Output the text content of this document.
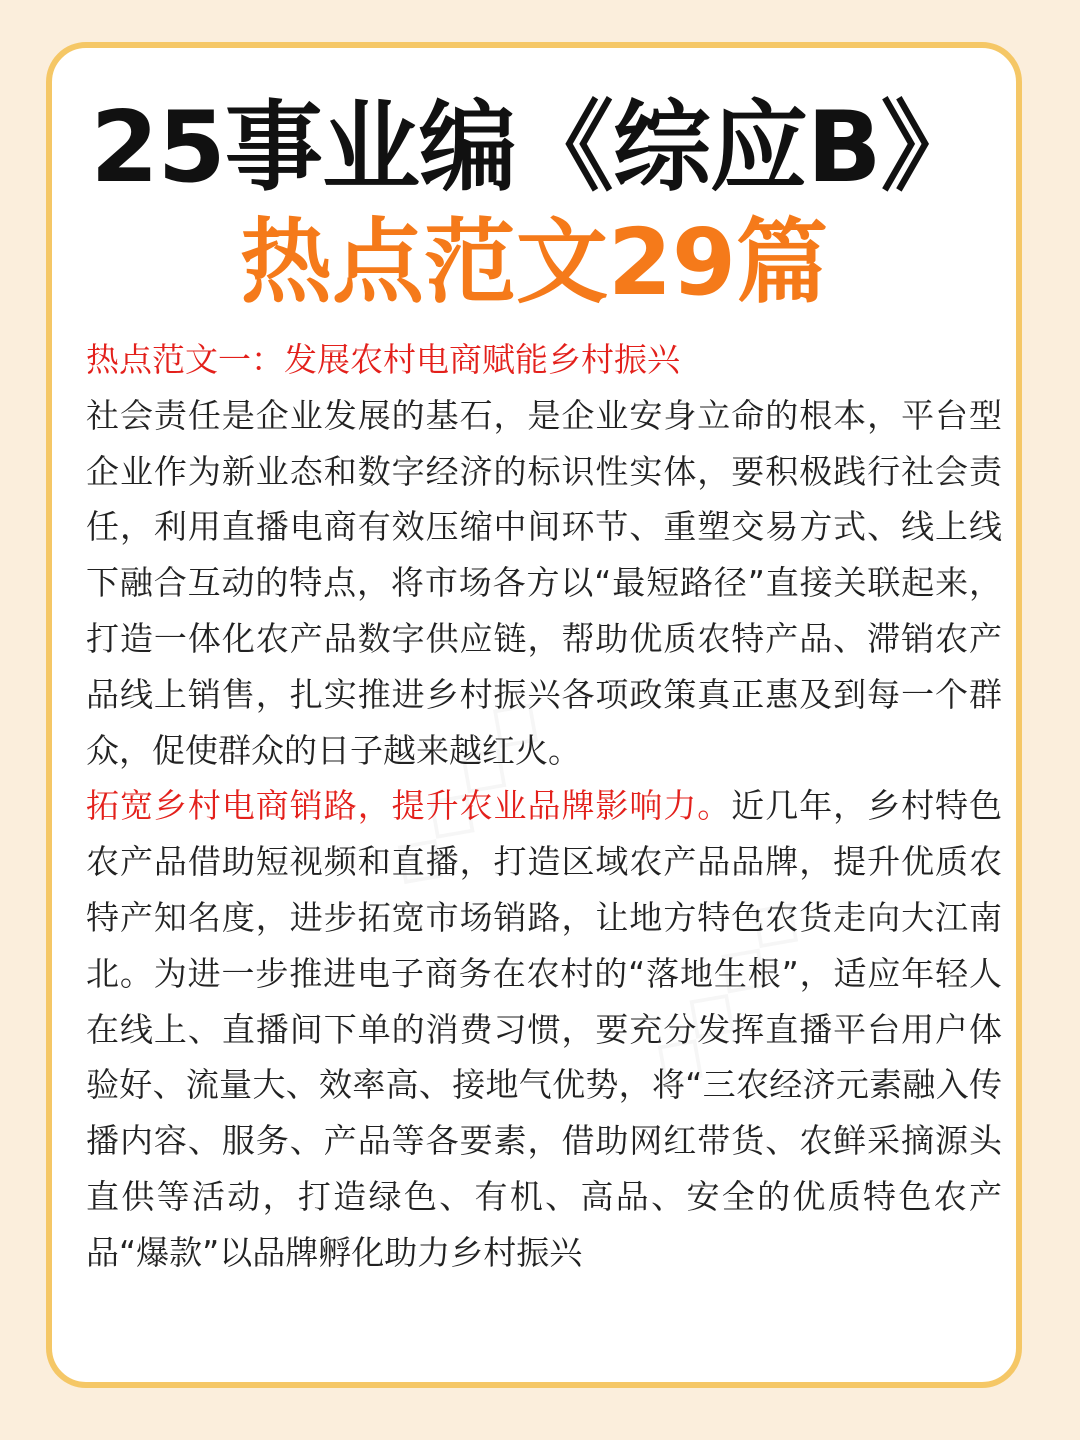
25事业编《综应B》
热点范文29篇

热点范文一：发展农村电商赋能乡村振兴

社会责任是企业发展的基石，是企业安身立命的根本，平台型企业作为新业态和数字经济的标识性实体，要积极践行社会责任，利用直播电商有效压缩中间环节、重塑交易方式、线上线下融合互动的特点，将市场各方以“最短路径”直接关联起来，打造一体化农产品数字供应链，帮助优质农特产品、滞销农产品线上销售，扎实推进乡村振兴各项政策真正惠及到每一个群众，促使群众的日子越来越红火。

拓宽乡村电商销路，提升农业品牌影响力。近几年，乡村特色农产品借助短视频和直播，打造区域农产品品牌，提升优质农特产知名度，进步拓宽市场销路，让地方特色农货走向大江南北。为进一步推进电子商务在农村的“落地生根”，适应年轻人在线上、直播间下单的消费习惯，要充分发挥直播平台用户体验好、流量大、效率高、接地气优势，将“三农经济元素融入传播内容、服务、产品等各要素，借助网红带货、农鲜采摘源头直供等活动，打造绿色、有机、高品、安全的优质特色农产品“爆款”以品牌孵化助力乡村振兴
